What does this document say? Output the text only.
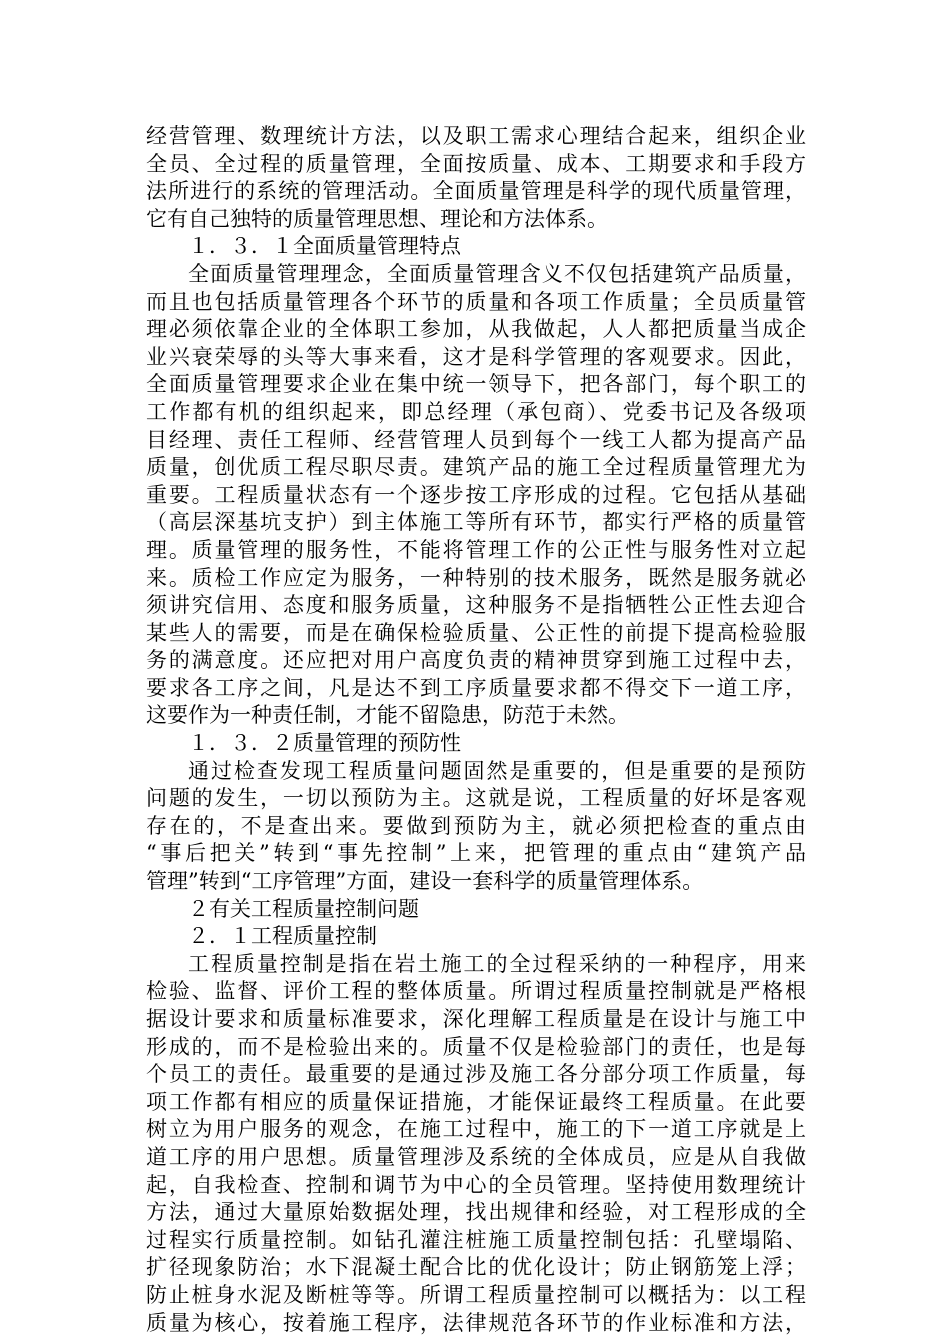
经营管理、数理统计方法，以及职工需求心理结合起来，组织企业
全员、全过程的质量管理，全面按质量、成本、工期要求和手段方
法所进行的系统的管理活动。全面质量管理是科学的现代质量管理，
它有自己独特的质量管理思想、理论和方法体系。
１．３．１全面质量管理特点
全面质量管理理念，全面质量管理含义不仅包括建筑产品质量，
而且也包括质量管理各个环节的质量和各项工作质量；全员质量管
理必须依靠企业的全体职工参加，从我做起，人人都把质量当成企
业兴衰荣辱的头等大事来看，这才是科学管理的客观要求。因此，
全面质量管理要求企业在集中统一领导下，把各部门，每个职工的
工作都有机的组织起来，即总经理（承包商）、党委书记及各级项
目经理、责任工程师、经营管理人员到每个一线工人都为提高产品
质量，创优质工程尽职尽责。建筑产品的施工全过程质量管理尤为
重要。工程质量状态有一个逐步按工序形成的过程。它包括从基础
（高层深基坑支护）到主体施工等所有环节，都实行严格的质量管
理。质量管理的服务性，不能将管理工作的公正性与服务性对立起
来。质检工作应定为服务，一种特别的技术服务，既然是服务就必
须讲究信用、态度和服务质量，这种服务不是指牺牲公正性去迎合
某些人的需要，而是在确保检验质量、公正性的前提下提高检验服
务的满意度。还应把对用户高度负责的精神贯穿到施工过程中去，
要求各工序之间，凡是达不到工序质量要求都不得交下一道工序，
这要作为一种责任制，才能不留隐患，防范于未然。
１．３．２质量管理的预防性
通过检查发现工程质量问题固然是重要的，但是重要的是预防
问题的发生，一切以预防为主。这就是说，工程质量的好坏是客观
存在的，不是查出来。要做到预防为主，就必须把检查的重点由
“事后把关”转到“事先控制”上来，把管理的重点由“建筑产品
管理”转到“工序管理”方面，建设一套科学的质量管理体系。
２有关工程质量控制问题
２．１工程质量控制
工程质量控制是指在岩土施工的全过程采纳的一种程序，用来
检验、监督、评价工程的整体质量。所谓过程质量控制就是严格根
据设计要求和质量标准要求，深化理解工程质量是在设计与施工中
形成的，而不是检验出来的。质量不仅是检验部门的责任，也是每
个员工的责任。最重要的是通过涉及施工各分部分项工作质量，每
项工作都有相应的质量保证措施，才能保证最终工程质量。在此要
树立为用户服务的观念，在施工过程中，施工的下一道工序就是上
道工序的用户思想。质量管理涉及系统的全体成员，应是从自我做
起，自我检查、控制和调节为中心的全员管理。坚持使用数理统计
方法，通过大量原始数据处理，找出规律和经验，对工程形成的全
过程实行质量控制。如钻孔灌注桩施工质量控制包括：孔壁塌陷、
扩径现象防治；水下混凝土配合比的优化设计；防止钢筋笼上浮；
防止桩身水泥及断桩等等。所谓工程质量控制可以概括为：以工程
质量为核心，按着施工程序，法律规范各环节的作业标准和方法，
